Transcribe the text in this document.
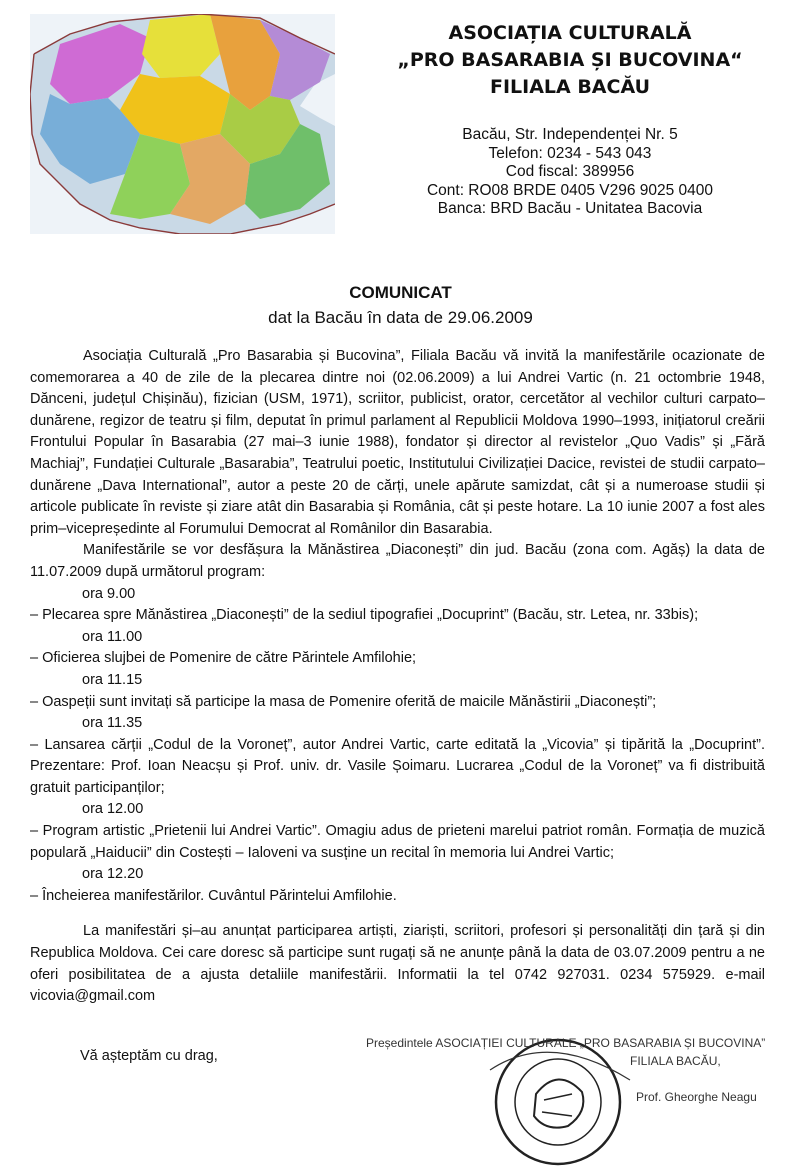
ASOCIAȚIA CULTURALĂ
„PRO BASARABIA ȘI BUCOVINA“
FILIALA BACĂU
Bacău, Str. Independenței Nr. 5
Telefon: 0234 - 543 043
Cod fiscal: 389956
Cont: RO08 BRDE 0405 V296 9025 0400
Banca: BRD Bacău - Unitatea Bacovia
COMUNICAT
dat la Bacău în data de 29.06.2009

Asociația Culturală „Pro Basarabia și Bucovina”, Filiala Bacău vă invită la manifestările ocazionate de comemorarea a 40 de zile de la plecarea dintre noi (02.06.2009) a lui Andrei Vartic (n. 21 octombrie 1948, Dănceni, județul Chișinău), fizician (USM, 1971), scriitor, publicist, orator, cercetător al vechilor culturi carpato–dunărene, regizor de teatru și film, deputat în primul parlament al Republicii Moldova 1990–1993, inițiatorul creării Frontului Popular în Basarabia (27 mai–3 iunie 1988), fondator și director al revistelor „Quo Vadis” și „Fără Machiaj”, Fundației Culturale „Basarabia”, Teatrului poetic, Institutului Civilizației Dacice, revistei de studii carpato–dunărene „Dava International”, autor a peste 20 de cărți, unele apărute samizdat, cât și a numeroase studii și articole publicate în reviste și ziare atât din Basarabia și România, cât și peste hotare. La 10 iunie 2007 a fost ales prim–vicepreședinte al Forumului Democrat al Românilor din Basarabia.

Manifestările se vor desfășura la Mănăstirea „Diaconești” din jud. Bacău (zona com. Agăș) la data de 11.07.2009 după următorul program:

ora 9.00

– Plecarea spre Mănăstirea „Diaconești” de la sediul tipografiei „Docuprint” (Bacău, str. Letea, nr. 33bis);

ora 11.00

– Oficierea slujbei de Pomenire de către Părintele Amfilohie;

ora 11.15

– Oaspeții sunt invitați să participe la masa de Pomenire oferită de maicile Mănăstirii „Diaconești”;

ora 11.35

– Lansarea cărții „Codul de la Voroneț”, autor Andrei Vartic, carte editată la „Vicovia” și tipărită la „Docuprint”. Prezentare: Prof. Ioan Neacșu și Prof. univ. dr. Vasile Șoimaru. Lucrarea „Codul de la Voroneț” va fi distribuită gratuit participanților;

ora 12.00

– Program artistic „Prietenii lui Andrei Vartic”. Omagiu adus de prieteni marelui patriot român. Formația de muzică populară „Haiducii” din Costești – Ialoveni va susține un recital în memoria lui Andrei Vartic;

ora 12.20

– Încheierea manifestărilor. Cuvântul Părintelui Amfilohie.

La manifestări și–au anunțat participarea artiști, ziariști, scriitori, profesori și personalități din țară și din Republica Moldova. Cei care doresc să participe sunt rugați să ne anunțe până la data de 03.07.2009 pentru a ne oferi posibilitatea de a ajusta detaliile manifestării. Informatii la tel 0742 927031. 0234 575929. e-mail vicovia@gmail.com

Vă așteptăm cu drag,
Președintele ASOCIAȚIEI CULTURALE „PRO BASARABIA ȘI BUCOVINA”
FILIALA BACĂU,
Prof. Gheorghe Neagu
